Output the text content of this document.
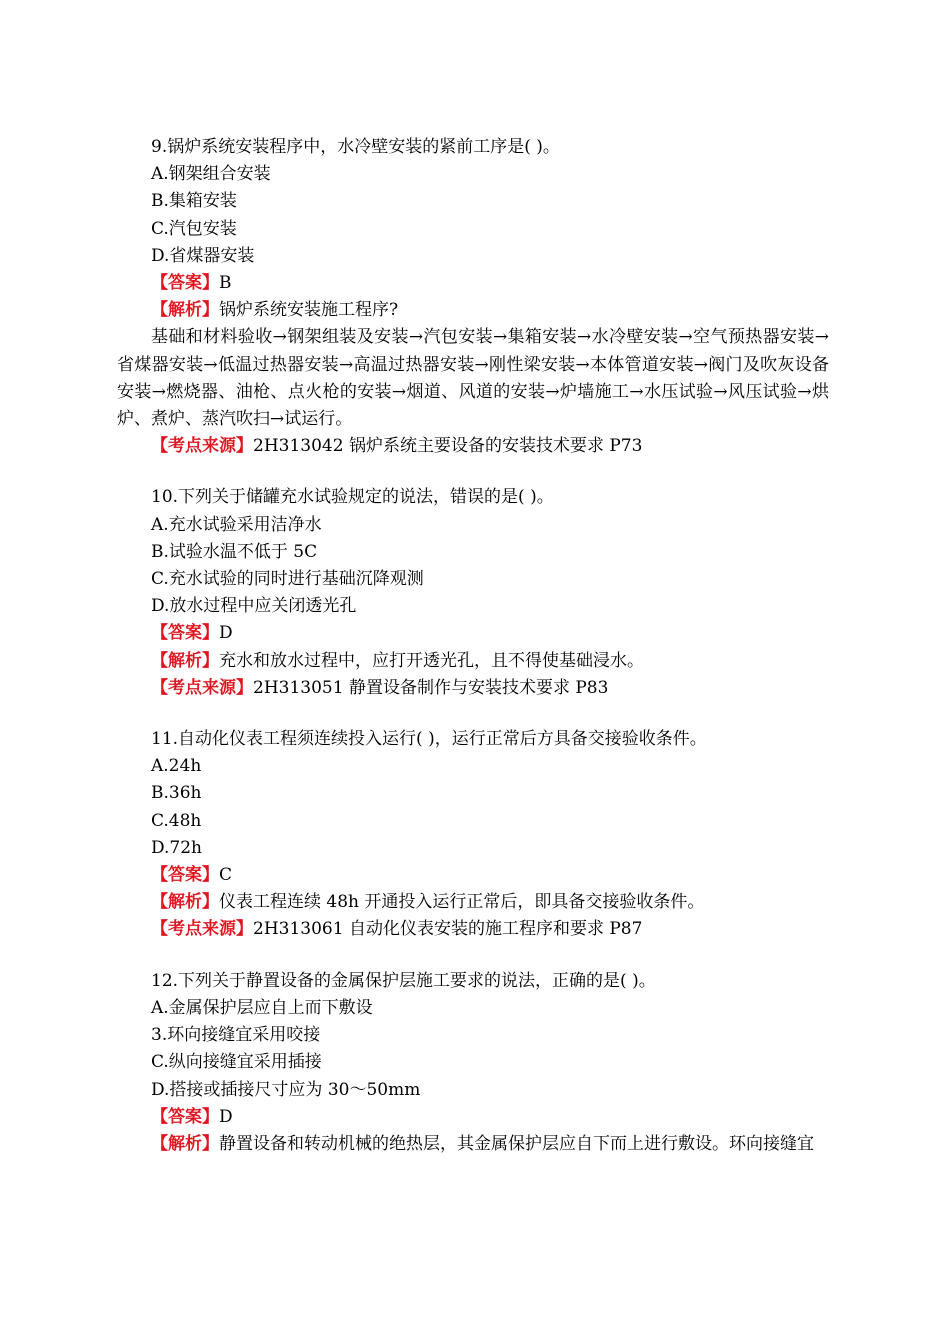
9.锅炉系统安装程序中，水冷壁安装的紧前工序是( )。
A.钢架组合安装
B.集箱安装
C.汽包安装
D.省煤器安装
【答案】B
【解析】锅炉系统安装施工程序?
基础和材料验收→钢架组装及安装→汽包安装→集箱安装→水冷壁安装→空气预热器安装→省煤器安装→低温过热器安装→高温过热器安装→刚性梁安装→本体管道安装→阀门及吹灰设备安装→燃烧器、油枪、点火枪的安装→烟道、风道的安装→炉墙施工→水压试验→风压试验→烘炉、煮炉、蒸汽吹扫→试运行。
【考点来源】2H313042 锅炉系统主要设备的安装技术要求 P73
10.下列关于储罐充水试验规定的说法，错误的是( )。
A.充水试验采用洁净水
B.试验水温不低于 5C
C.充水试验的同时进行基础沉降观测
D.放水过程中应关闭透光孔
【答案】D
【解析】充水和放水过程中，应打开透光孔，且不得使基础浸水。
【考点来源】2H313051 静置设备制作与安装技术要求 P83
11.自动化仪表工程须连续投入运行( )，运行正常后方具备交接验收条件。
A.24h
B.36h
C.48h
D.72h
【答案】C
【解析】仪表工程连续 48h 开通投入运行正常后，即具备交接验收条件。
【考点来源】2H313061 自动化仪表安装的施工程序和要求 P87
12.下列关于静置设备的金属保护层施工要求的说法，正确的是( )。
A.金属保护层应自上而下敷设
3.环向接缝宜采用咬接
C.纵向接缝宜采用插接
D.搭接或插接尺寸应为 30～50mm
【答案】D
【解析】静置设备和转动机械的绝热层，其金属保护层应自下而上进行敷设。环向接缝宜
